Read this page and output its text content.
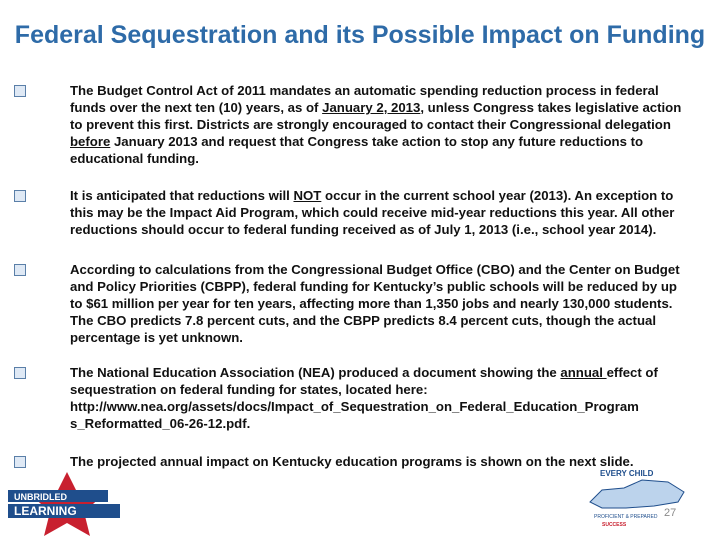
Federal Sequestration and its Possible Impact on Funding
The Budget Control Act of 2011 mandates an automatic spending reduction process in federal funds over the next ten (10) years, as of January 2, 2013, unless Congress takes legislative action to prevent this first. Districts are strongly encouraged to contact their Congressional delegation before January 2013 and request that Congress take action to stop any future reductions to educational funding.
It is anticipated that reductions will NOT occur in the current school year (2013). An exception to this may be the Impact Aid Program, which could receive mid-year reductions this year. All other reductions should occur to federal funding received as of July 1, 2013 (i.e., school year 2014).
According to calculations from the Congressional Budget Office (CBO) and the Center on Budget and Policy Priorities (CBPP), federal funding for Kentucky’s public schools will be reduced by up to $61 million per year for ten years, affecting more than 1,350 jobs and nearly 130,000 students. The CBO predicts 7.8 percent cuts, and the CBPP predicts 8.4 percent cuts, though the actual percentage is yet unknown.
The National Education Association (NEA) produced a document showing the annual effect of sequestration on federal funding for states, located here:
http://www.nea.org/assets/docs/Impact_of_Sequestration_on_Federal_Education_Program s_Reformatted_06-26-12.pdf.
The projected annual impact on Kentucky education programs is shown on the next slide.
UNBRIDLED
LEARNING
EVERY CHILD
PROFICIENT & PREPARED
SUCCESS
27
